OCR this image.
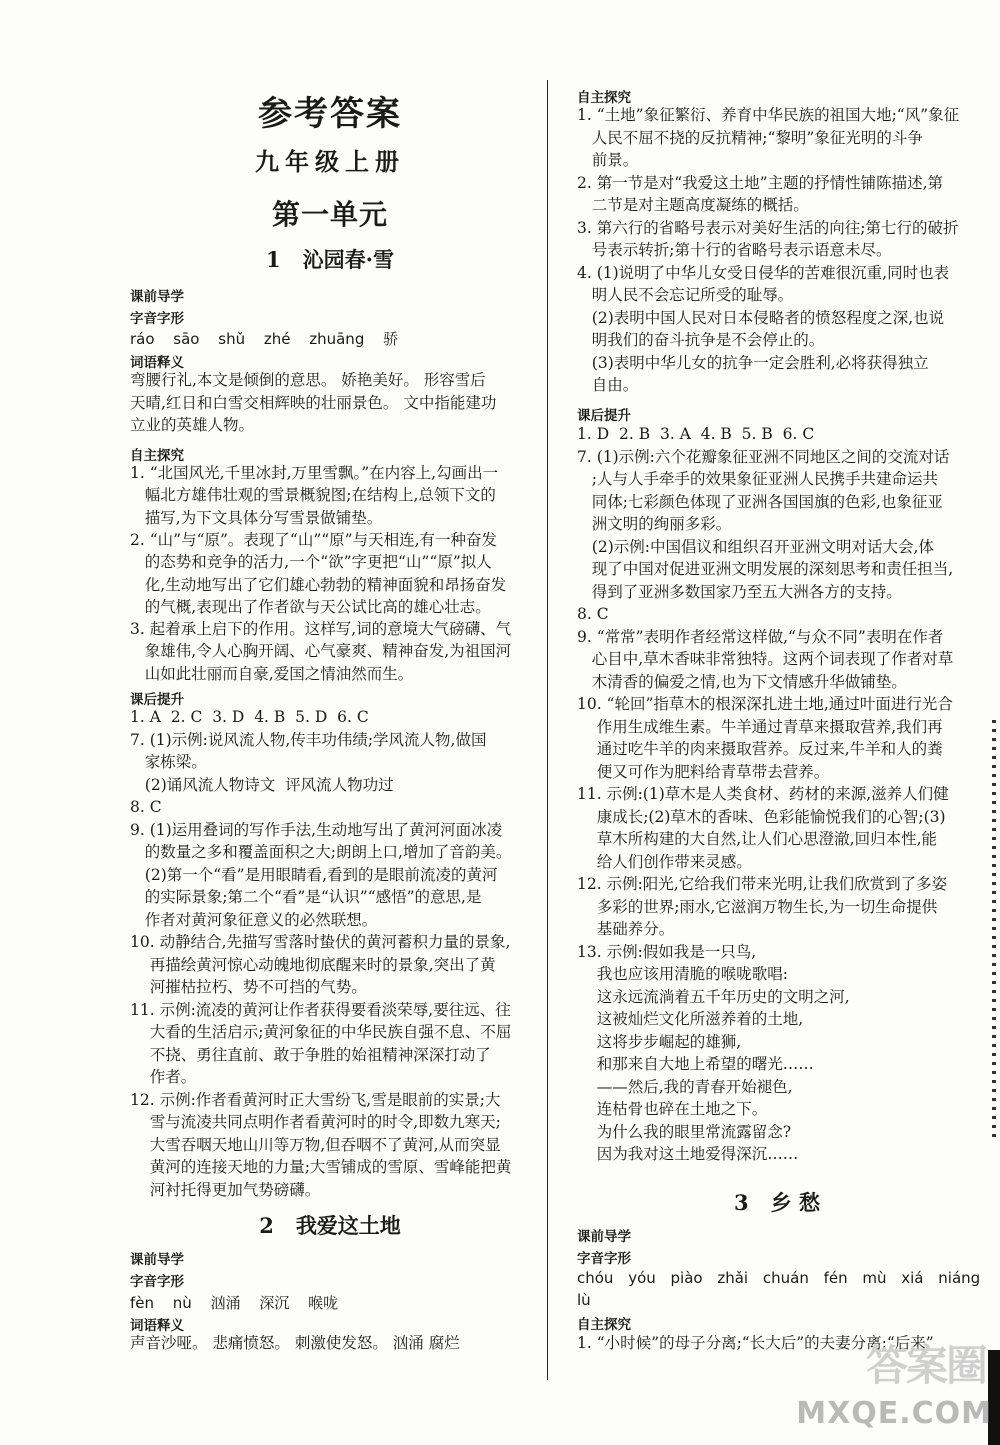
参考答案
九年级上册
第一单元
1 沁园春·雪
课前导学
字音字形
ráo sāo shǔ zhé zhuāng 骄
词语释义
弯腰行礼,本文是倾倒的意思。 娇艳美好。 形容雪后
天晴,红日和白雪交相辉映的壮丽景色。 文中指能建功
立业的英雄人物。
自主探究
1. “北国风光,千里冰封,万里雪飘。”在内容上,勾画出一
幅北方雄伟壮观的雪景概貌图;在结构上,总领下文的
描写,为下文具体分写雪景做铺垫。
2. “山”与“原”。表现了“山”“原”与天相连,有一种奋发
的态势和竞争的活力,一个“欲”字更把“山”“原”拟人
化,生动地写出了它们雄心勃勃的精神面貌和昂扬奋发
的气概,表现出了作者欲与天公试比高的雄心壮志。
3. 起着承上启下的作用。这样写,词的意境大气磅礴、气
象雄伟,令人心胸开阔、心气豪爽、精神奋发,为祖国河
山如此壮丽而自豪,爱国之情油然而生。
课后提升
1. A  2. C  3. D  4. B  5. D  6. C
7. (1)示例:说风流人物,传丰功伟绩;学风流人物,做国
家栋梁。
(2)诵风流人物诗文  评风流人物功过
8. C
9. (1)运用叠词的写作手法,生动地写出了黄河河面冰凌
的数量之多和覆盖面积之大;朗朗上口,增加了音韵美。
(2)第一个“看”是用眼睛看,看到的是眼前流凌的黄河
的实际景象;第二个“看”是“认识”“感悟”的意思,是
作者对黄河象征意义的必然联想。
10. 动静结合,先描写雪落时蛰伏的黄河蓄积力量的景象,
再描绘黄河惊心动魄地彻底醒来时的景象,突出了黄
河摧枯拉朽、势不可挡的气势。
11. 示例:流凌的黄河让作者获得要看淡荣辱,要往远、往
大看的生活启示;黄河象征的中华民族自强不息、不屈
不挠、勇往直前、敢于争胜的始祖精神深深打动了
作者。
12. 示例:作者看黄河时正大雪纷飞,雪是眼前的实景;大
雪与流凌共同点明作者看黄河时的时令,即数九寒天;
大雪吞咽天地山川等万物,但吞咽不了黄河,从而突显
黄河的连接天地的力量;大雪铺成的雪原、雪峰能把黄
河衬托得更加气势磅礴。
2 我爱这土地
课前导学
字音字形
fèn nù 汹涌 深沉 喉咙
词语释义
声音沙哑。 悲痛愤怒。 刺激使发怒。 汹涌 腐烂
自主探究
1. “土地”象征繁衍、养育中华民族的祖国大地;“风”象征
人民不屈不挠的反抗精神;“黎明”象征光明的斗争
前景。
2. 第一节是对“我爱这土地”主题的抒情性铺陈描述,第
二节是对主题高度凝练的概括。
3. 第六行的省略号表示对美好生活的向往;第七行的破折
号表示转折;第十行的省略号表示语意未尽。
4. (1)说明了中华儿女受日侵华的苦难很沉重,同时也表
明人民不会忘记所受的耻辱。
(2)表明中国人民对日本侵略者的愤怒程度之深,也说
明我们的奋斗抗争是不会停止的。
(3)表明中华儿女的抗争一定会胜利,必将获得独立
自由。
课后提升
1. D  2. B  3. A  4. B  5. B  6. C
7. (1)示例:六个花瓣象征亚洲不同地区之间的交流对话
;人与人手牵手的效果象征亚洲人民携手共建命运共
同体;七彩颜色体现了亚洲各国国旗的色彩,也象征亚
洲文明的绚丽多彩。
(2)示例:中国倡议和组织召开亚洲文明对话大会,体
现了中国对促进亚洲文明发展的深刻思考和责任担当,
得到了亚洲多数国家乃至五大洲各方的支持。
8. C
9. “常常”表明作者经常这样做,“与众不同”表明在作者
心目中,草木香味非常独特。这两个词表现了作者对草
木清香的偏爱之情,也为下文情感升华做铺垫。
10. “轮回”指草木的根深深扎进土地,通过叶面进行光合
作用生成维生素。牛羊通过青草来摄取营养,我们再
通过吃牛羊的肉来摄取营养。反过来,牛羊和人的粪
便又可作为肥料给青草带去营养。
11. 示例:(1)草木是人类食材、药材的来源,滋养人们健
康成长;(2)草木的香味、色彩能愉悦我们的心智;(3)
草木所构建的大自然,让人们心思澄澈,回归本性,能
给人们创作带来灵感。
12. 示例:阳光,它给我们带来光明,让我们欣赏到了多姿
多彩的世界;雨水,它滋润万物生长,为一切生命提供
基础养分。
13. 示例:假如我是一只鸟,
我也应该用清脆的喉咙歌唱:
这永远流淌着五千年历史的文明之河,
这被灿烂文化所滋养着的土地,
这将步步崛起的雄狮,
和那来自大地上希望的曙光……
——然后,我的青春开始褪色,
连枯骨也碎在土地之下。
为什么我的眼里常流露留念?
因为我对这土地爱得深沉……
3 乡 愁
课前导学
字音字形
chóu yóu piào zhǎi chuán fén mù xiá niáng
lù
自主探究
1. “小时候”的母子分离;“长大后”的夫妻分离;“后来”
答案圈
MXQE.COM
